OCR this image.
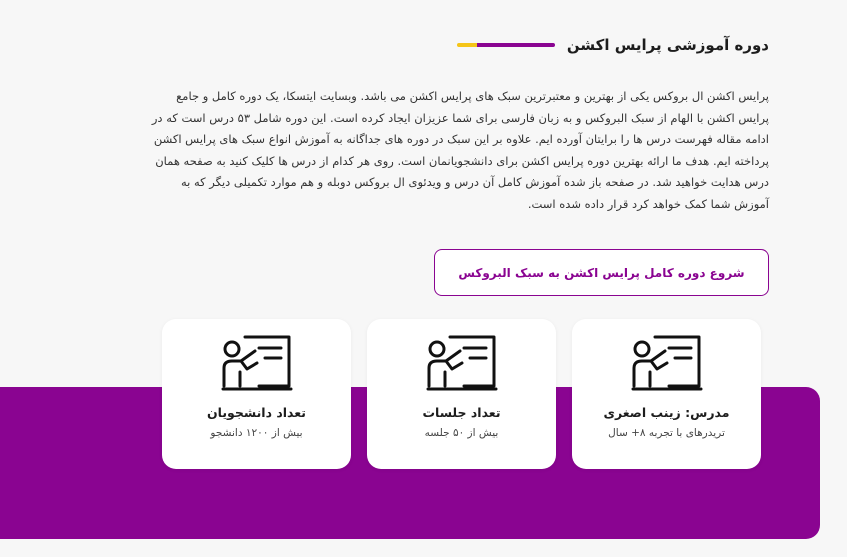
دوره آموزشی پرایس اکشن

پرایس اکشن ال بروکس یکی از بهترین و معتبرترین سبک های پرایس اکشن می باشد. وبسایت ایتسکا، یک دوره کامل و جامع پرایس اکشن با الهام از سبک البروکس و به زبان فارسی برای شما عزیزان ایجاد کرده است. این دوره شامل ۵۳ درس است که در ادامه مقاله فهرست درس ها را برایتان آورده ایم. علاوه بر این سبک در دوره های جداگانه به آموزش انواع سبک های پرایس اکشن پرداخته ایم. هدف ما ارائه بهترین دوره پرایس اکشن برای دانشجویانمان است. روی هر کدام از درس ها کلیک کنید به صفحه همان درس هدایت خواهید شد. در صفحه باز شده آموزش کامل آن درس و ویدئوی ال بروکس دوبله و هم موارد تکمیلی دیگر که به آموزش شما کمک خواهد کرد قرار داده شده است.

شروع دوره کامل پرایس اکشن به سبک البروکس
مدرس: زینب اصغری
تریدرهای با تجربه ۸+ سال
تعداد جلسات
بیش از ۵۰ جلسه
تعداد دانشجویان
بیش از ۱۲۰۰ دانشجو
